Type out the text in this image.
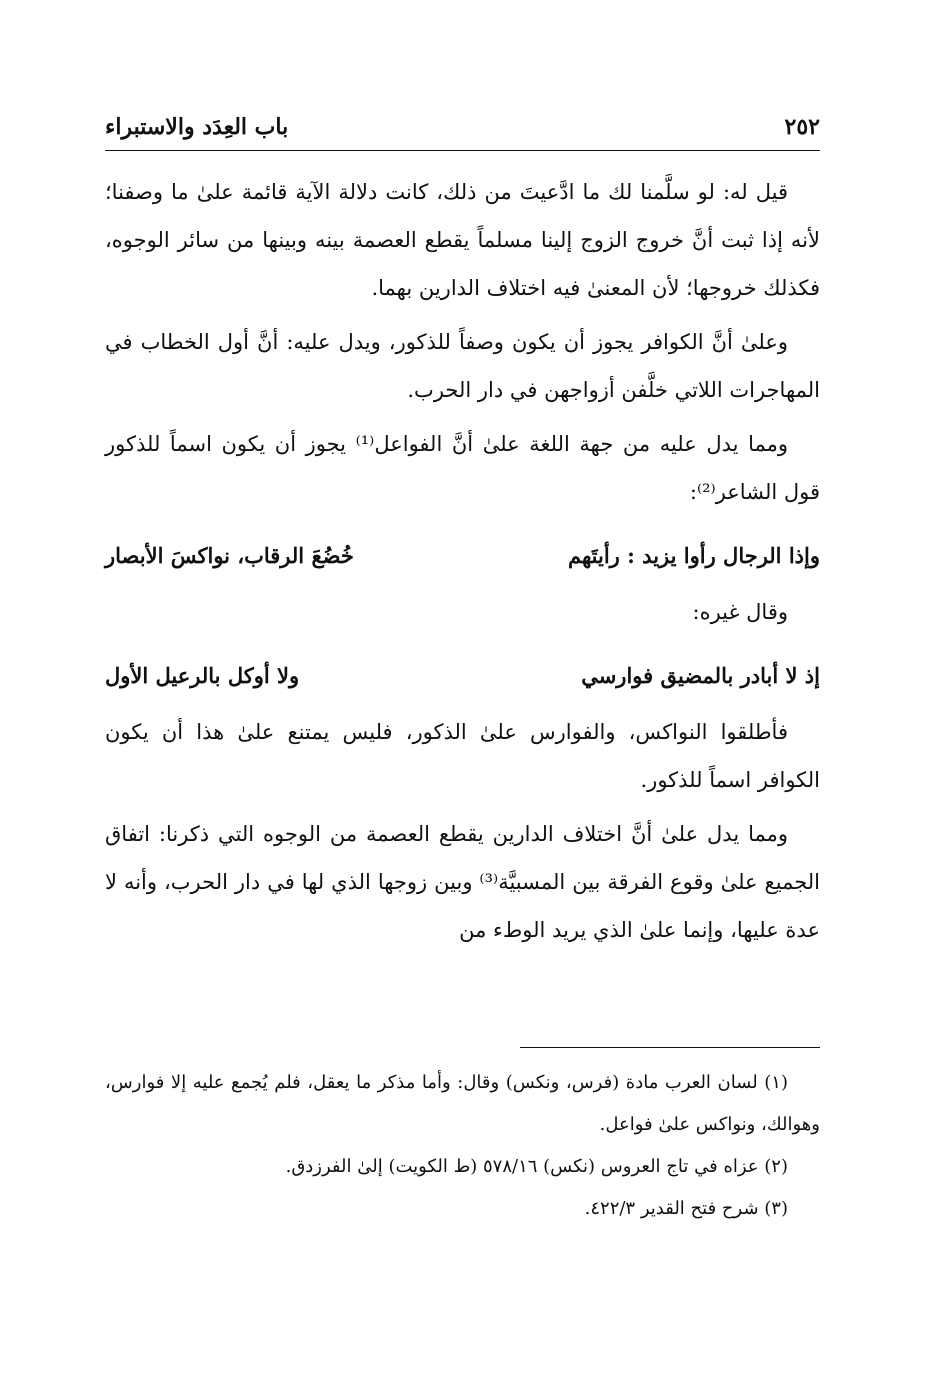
٢٥٢
باب العِدَد والاستبراء

قيل له: لو سلَّمنا لك ما ادَّعيتَ من ذلك، كانت دلالة الآية قائمة علىٰ ما وصفنا؛ لأنه إذا ثبت أنَّ خروج الزوج إلينا مسلماً يقطع العصمة بينه وبينها من سائر الوجوه، فكذلك خروجها؛ لأن المعنىٰ فيه اختلاف الدارين بهما.

وعلىٰ أنَّ الكوافر يجوز أن يكون وصفاً للذكور، ويدل عليه: أنَّ أول الخطاب في المهاجرات اللاتي خلَّفن أزواجهن في دار الحرب.

ومما يدل عليه من جهة اللغة علىٰ أنَّ الفواعل⁽¹⁾ يجوز أن يكون اسماً للذكور قول الشاعر⁽²⁾:

وإذا الرجال رأوا يزيد : رأيتَهم
خُضُعَ الرقاب، نواكسَ الأبصار

وقال غيره:

إذ لا أبادر بالمضيق فوارسي
ولا أوكل بالرعيل الأول

فأطلقوا النواكس، والفوارس علىٰ الذكور، فليس يمتنع علىٰ هذا أن يكون الكوافر اسماً للذكور.

ومما يدل علىٰ أنَّ اختلاف الدارين يقطع العصمة من الوجوه التي ذكرنا: اتفاق الجميع علىٰ وقوع الفرقة بين المسبيَّة⁽³⁾ وبين زوجها الذي لها في دار الحرب، وأنه لا عدة عليها، وإنما علىٰ الذي يريد الوطء من

(١) لسان العرب مادة (فرس، ونكس) وقال: وأما مذكر ما يعقل، فلم يُجمع عليه إلا فوارس، وهوالك، ونواكس علىٰ فواعل.

(٢) عزاه في تاج العروس (نكس) ٥٧٨/١٦ (ط الكويت) إلىٰ الفرزدق.

(٣) شرح فتح القدير ٤٢٢/٣.
